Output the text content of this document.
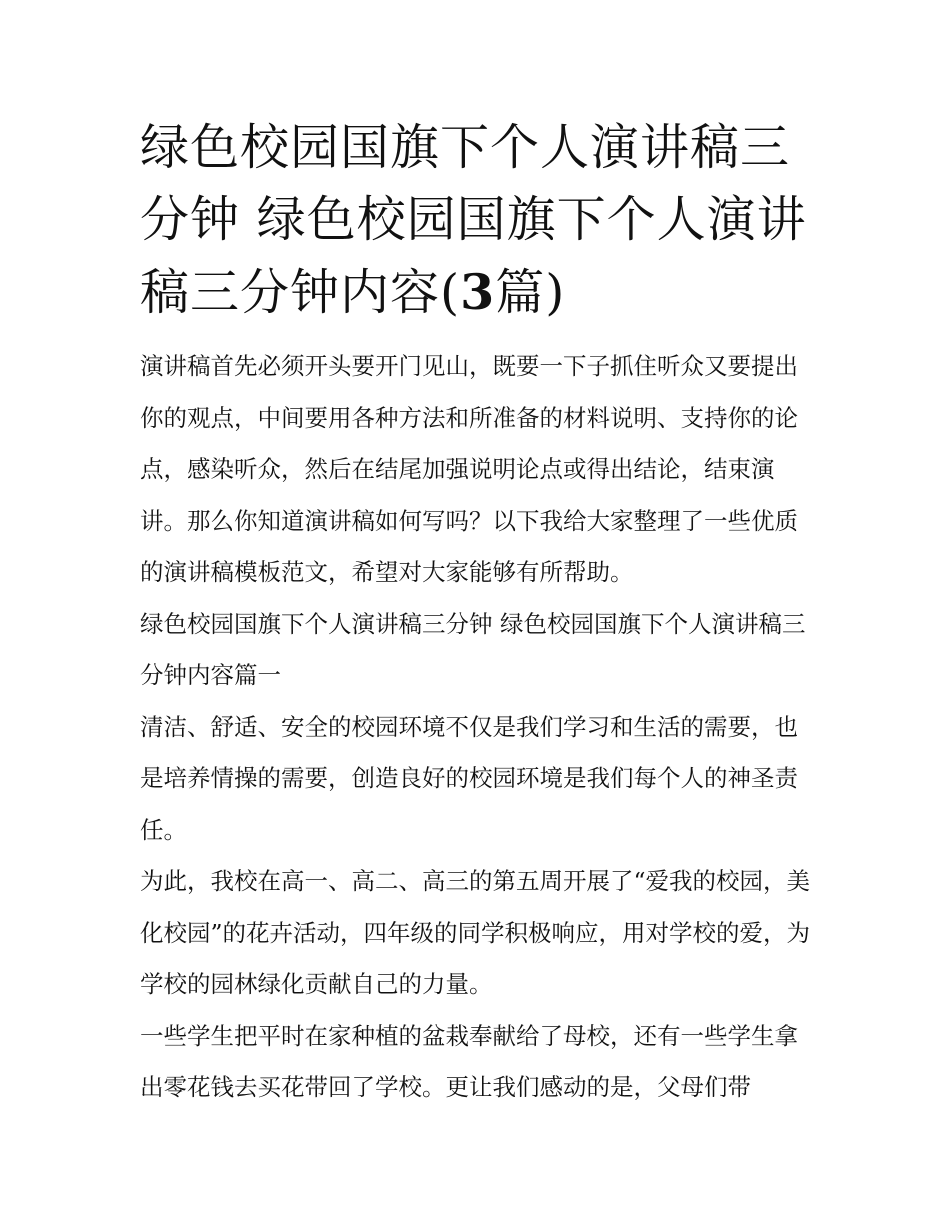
绿色校园国旗下个人演讲稿三分钟 绿色校园国旗下个人演讲稿三分钟内容(3篇)

演讲稿首先必须开头要开门见山，既要一下子抓住听众又要提出你的观点，中间要用各种方法和所准备的材料说明、支持你的论点，感染听众，然后在结尾加强说明论点或得出结论，结束演讲。那么你知道演讲稿如何写吗？以下我给大家整理了一些优质的演讲稿模板范文，希望对大家能够有所帮助。

绿色校园国旗下个人演讲稿三分钟 绿色校园国旗下个人演讲稿三分钟内容篇一

清洁、舒适、安全的校园环境不仅是我们学习和生活的需要，也是培养情操的需要，创造良好的校园环境是我们每个人的神圣责任。

为此，我校在高一、高二、高三的第五周开展了“爱我的校园，美化校园”的花卉活动，四年级的同学积极响应，用对学校的爱，为学校的园林绿化贡献自己的力量。

一些学生把平时在家种植的盆栽奉献给了母校，还有一些学生拿出零花钱去买花带回了学校。更让我们感动的是，父母们带
